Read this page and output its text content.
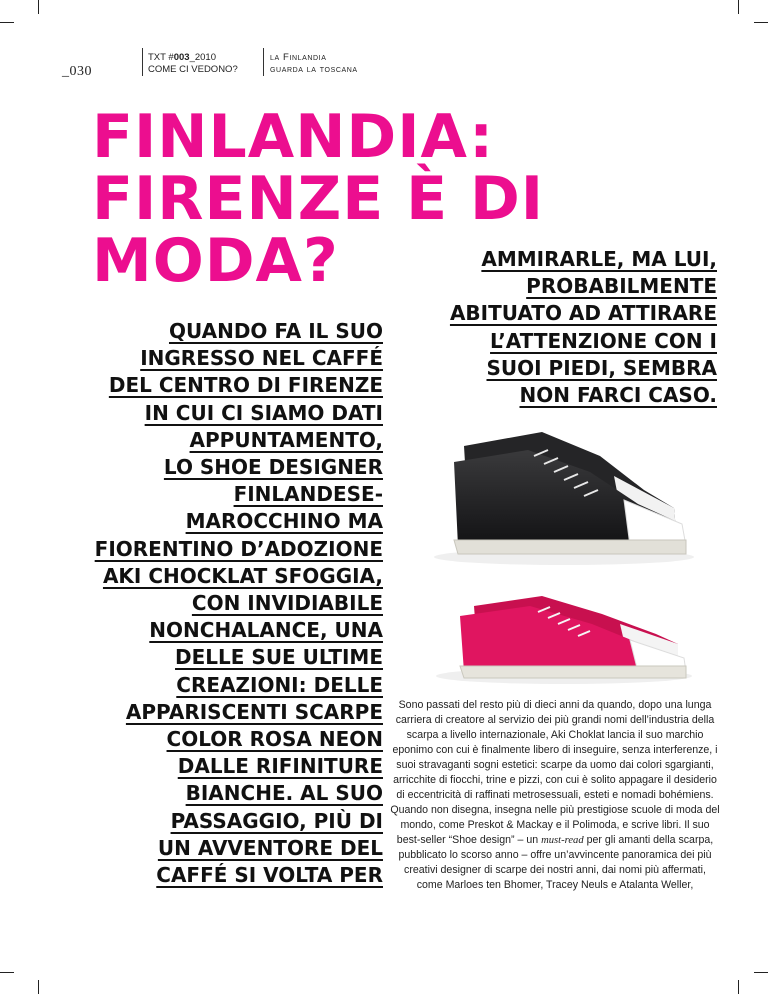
_030
TXT #003_2010
COME CI VEDONO?
la Finlandia
guarda la toscana
FINLANDIA:
FIRENZE È DI
MODA?
QUANDO FA IL SUO
INGRESSO NEL CAFFÉ
DEL CENTRO DI FIRENZE
IN CUI CI SIAMO DATI
APPUNTAMENTO,
LO SHOE DESIGNER
FINLANDESE-
MAROCCHINO MA
FIORENTINO D’ADOZIONE
AKI CHOCKLAT SFOGGIA,
CON INVIDIABILE
NONCHALANCE, UNA
DELLE SUE ULTIME
CREAZIONI: DELLE
APPARISCENTI SCARPE
COLOR ROSA NEON
DALLE RIFINITURE
BIANCHE. AL SUO
PASSAGGIO, PIÙ DI
UN AVVENTORE DEL
CAFFÉ SI VOLTA PER
AMMIRARLE, MA LUI,
PROBABILMENTE
ABITUATO AD ATTIRARE
L’ATTENZIONE CON I
SUOI PIEDI, SEMBRA
NON FARCI CASO.

Sono passati del resto più di dieci anni da quando, dopo una lunga carriera di creatore al servizio dei più grandi nomi dell’industria della scarpa a livello internazionale, Aki Choklat lancia il suo marchio eponimo con cui è finalmente libero di inseguire, senza interferenze, i suoi stravaganti sogni estetici: scarpe da uomo dai colori sgargianti, arricchite di fiocchi, trine e pizzi, con cui è solito appagare il desiderio di eccentricità di raffinati metrosessuali, esteti e nomadi bohémiens. Quando non disegna, insegna nelle più prestigiose scuole di moda del mondo, come Preskot & Mackay e il Polimoda, e scrive libri. Il suo best-seller “Shoe design” – un must-read per gli amanti della scarpa, pubblicato lo scorso anno – offre un’avvincente panoramica dei più creativi designer di scarpe dei nostri anni, dai nomi più affermati, come Marloes ten Bhomer, Tracey Neuls e Atalanta Weller,
